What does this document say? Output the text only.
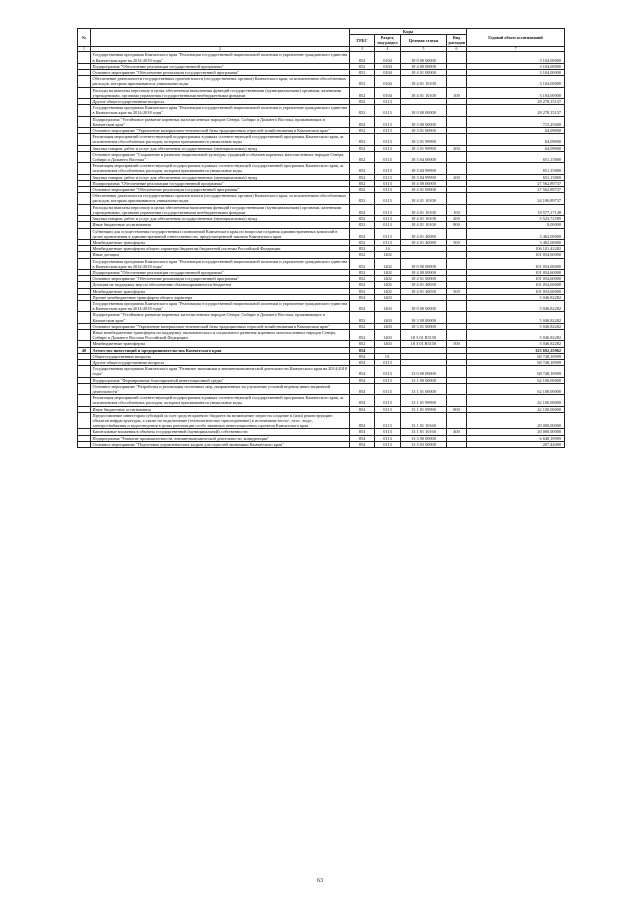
№		Коды				Годовой объем ассигнований
		ГРБС	Раздел, под-раздел	Целевая статья	Вид расходов	
1	2	3	4	5	6	7
	Государственная программа Камчатского края "Реализация государственной национальной политики и укрепление гражданского единства в Камчатском крае на 2014-2018 годы"	852	0104	18 0 00 00000		3 104,00000
	Подпрограмма "Обеспечение реализации государственной программы"	852	0104	18 4 00 00000		3 104,00000
	Основное мероприятие "Обеспечение реализации государственной программы"	852	0104	18 4 01 00000		3 104,00000
	Обеспечение деятельности государственных органов власти (государственных органов) Камчатского края, за исключением обособленных расходов, которым присваиваются уникальные коды	852	0104	18 4 01 10100		3 104,00000
	Расходы на выплаты персоналу в целях обеспечения выполнения функций государственными (муниципальными) органами, казенными учреждениями, органами управления государственными внебюджетными фондами	852	0104	18 4 01 10100	100	3 104,00000
	Другие общегосударственные вопросы	852	0113			28 278,15137
	Государственная программа Камчатского края "Реализация государственной национальной политики и укрепление гражданского единства в Камчатском крае на 2014-2018 годы"	852	0113	18 0 00 00000		28 278,15137
	Подпрограмма "Устойчивое развитие коренных малочисленных народов Севера, Сибири и Дальнего Востока, проживающих в Камчатском крае"	852	0113	18 3 00 00000		715,25600
	Основное мероприятие "Укрепление материально-технической базы традиционных отраслей хозяйствования в Камчатском крае"	852	0113	18 3 01 00000		64,09800
	Реализация мероприятий соответствующей подпрограммы в рамках соответствующей государственной программы Камчатского края, за исключением обособленных расходов, которым присваиваются уникальные коды	852	0113	18 3 01 99990		64,09800
	Закупка товаров, работ и услуг для обеспечения государственных (муниципальных) нужд	852	0113	18 3 01 99990	200	64,09800
	Основное мероприятие "Сохранение и развитие национальной культуры, традиций и обычаев коренных малочисленных народов Севера, Сибири и Дальнего Востока"	852	0113	18 3 04 00000		651,15800
	Реализация мероприятий соответствующей подпрограммы в рамках соответствующей государственной программы Камчатского края, за исключением обособленных расходов, которым присваиваются уникальные коды	852	0113	18 3 04 99990		651,15800
	Закупка товаров, работ и услуг для обеспечения государственных (муниципальных) нужд	852	0113	18 3 04 99990	200	651,15800
	Подпрограмма "Обеспечение реализации государственной программы"	852	0113	18 4 00 00000		27 562,89737
	Основное мероприятие "Обеспечение реализации государственной программы"	852	0113	18 4 01 00000		27 562,89737
	Обеспечение деятельности государственных органов власти (государственных органов) Камчатского края, за исключением обособленных расходов, которым присваиваются уникальные коды	852	0113	18 4 01 10100		24 100,89737
	Расходы на выплаты персоналу в целях обеспечения выполнения функций государственными (муниципальными) органами, казенными учреждениями, органами управления государственными внебюджетными фондами	852	0113	18 4 01 10100	100	18 577,17148
	Закупка товаров, работ и услуг для обеспечения государственных (муниципальных) нужд	852	0113	18 4 01 10100	200	5 523,72589
	Иные бюджетные ассигнования	852	0113	18 4 01 10100	800	0,00000
	Субвенции для осуществления государственных полномочий Камчатского края по вопросам создания административных комиссий в целях привлечения к административной ответственности, предусмотренной законом Камчатского края	852	0113	18 4 01 40080		3 462,00000
	Межбюджетные трансферты	852	0113	18 4 01 40080	500	3 462,00000
	Межбюджетные трансферты общего характера бюджетам бюджетной системы Российской Федерации	852	14			106 101,42282
	Иные дотации	852	1402			101 054,60000
	Государственная программа Камчатского края "Реализация государственной национальной политики и укрепление гражданского единства в Камчатском крае на 2014-2018 годы"	852	1402	18 0 00 00000		101 054,60000
	Подпрограмма "Обеспечение реализации государственной программы"	852	1402	18 4 00 00000		101 054,60000
	Основное мероприятие "Обеспечение реализации государственной программы"	852	1402	18 4 01 00000		101 054,60000
	Дотации на поддержку мер по обеспечению сбалансированности бюджетов	852	1402	18 4 01 40030		101 054,60000
	Межбюджетные трансферты	852	1402	18 4 01 40030	500	101 054,60000
	Прочие межбюджетные трансферты общего характера	852	1403			5 046,82282
	Государственная программа Камчатского края "Реализация государственной национальной политики и укрепление гражданского единства в Камчатском крае на 2014-2018 годы"	852	1403	18 0 00 00000		5 046,82282
	Подпрограмма "Устойчивое развитие коренных малочисленных народов Севера, Сибири и Дальнего Востока, проживающих в Камчатском крае"	852	1403	18 3 00 00000		5 046,82282
	Основное мероприятие "Укрепление материально-технической базы традиционных отраслей хозяйствования в Камчатском крае"	852	1403	18 3 01 00000		5 046,82282
	Иные межбюджетные трансферты на поддержку экономического и социального развития коренных малочисленных народов Севера, Сибири и Дальнего Востока Российской Федерации	852	1403	18 3 01 R5150		5 046,82282
	Межбюджетные трансферты	852	1403	18 3 01 R5150	500	5 046,82282
40	Агентство инвестиций и предпринимательства Камчатского края	854				323 692,25962
	Общегосударственные вопросы	854	01			68 748,18909
	Другие общегосударственные вопросы	854	0113			68 748,18909
	Государственная программа Камчатского края "Развитие экономики и внешнеэкономической деятельности Камчатского края на 2014-2018 годы"	854	0113	13 0 00 00000		68 748,18909
	Подпрограмма "Формирование благоприятной инвестиционной среды"	854	0113	13 1 00 00000		62 100,00000
	Основное мероприятие "Разработка и реализация системных мер, направленных на улучшение условий ведения инвестиционной деятельности"	854	0113	13 1 01 00000		62 100,00000
	Реализация мероприятий соответствующей подпрограммы в рамках соответствующей государственной программы Камчатского края, за исключением обособленных расходов, которым присваиваются уникальные коды	854	0113	13 1 01 99990		42 100,00000
	Иные бюджетные ассигнования	854	0113	13 1 01 99990	800	42 100,00000
	Предоставление инвесторам субсидий за счет средств краевого бюджета на возмещение затрат на создание и (или) реконструкцию объектов инфраструктуры, а также на подключение (технологическое присоединение) к источникам тепло-, газо-, водо-, электроснабжения и водоотведения в целях реализации особо значимых инвестиционных проектов Камчатского края	854	0113	13 1 01 10160		20 000,00000
	Капитальные вложения в объекты государственной (муниципальной) собственности	854	0113	13 1 01 10160	400	20 000,00000
	Подпрограмма "Развитие промышленности, внешнеэкономической деятельности, конкуренции"	854	0113	13 3 00 00000		6 648,18909
	Основное мероприятие "Подготовка управленческих кадров для отраслей экономики Камчатского края"	854	0113	13 3 03 00000		207,44000
63
